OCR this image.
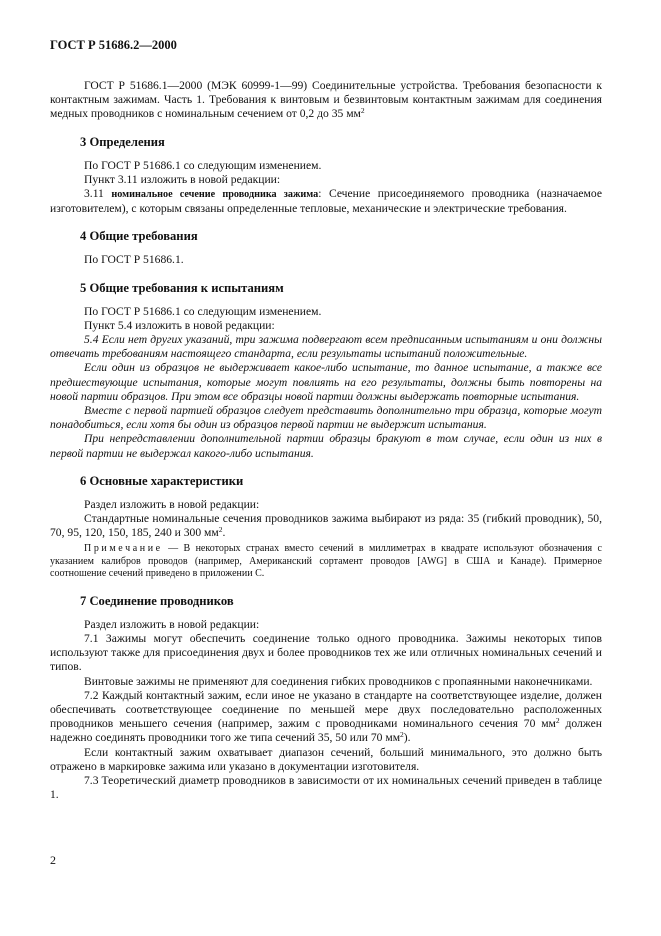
ГОСТ Р 51686.2—2000

ГОСТ Р 51686.1—2000 (МЭК 60999-1—99) Соединительные устройства. Требования безопасности к контактным зажимам. Часть 1. Требования к винтовым и безвинтовым контактным зажимам для соединения медных проводников с номинальным сечением от 0,2 до 35 $мм^2$

3 Определения

По ГОСТ Р 51686.1 со следующим изменением.

Пункт 3.11 изложить в новой редакции:

3.11 номинальное сечение проводника зажима: Сечение присоединяемого проводника (назначаемое изготовителем), с которым связаны определенные тепловые, механические и электрические требования.

4 Общие требования

По ГОСТ Р 51686.1.

5 Общие требования к испытаниям

По ГОСТ Р 51686.1 со следующим изменением.

Пункт 5.4 изложить в новой редакции:

5.4 Если нет других указаний, три зажима подвергают всем предписанным испытаниям и они должны отвечать требованиям настоящего стандарта, если результаты испытаний положительные.

Если один из образцов не выдерживает какое-либо испытание, то данное испытание, а также все предшествующие испытания, которые могут повлиять на его результаты, должны быть повторены на новой партии образцов. При этом все образцы новой партии должны выдержать повторные испытания.

Вместе с первой партией образцов следует представить дополнительно три образца, которые могут понадобиться, если хотя бы один из образцов первой партии не выдержит испытания.

При непредставлении дополнительной партии образцы бракуют в том случае, если один из них в первой партии не выдержал какого-либо испытания.

6 Основные характеристики

Раздел изложить в новой редакции:

Стандартные номинальные сечения проводников зажима выбирают из ряда: 35 (гибкий проводник), 50, 70, 95, 120, 150, 185, 240 и 300 $мм^2$.

Примечание — В некоторых странах вместо сечений в миллиметрах в квадрате используют обозначения с указанием калибров проводов (например, Американский сортамент проводов [AWG] в США и Канаде). Примерное соотношение сечений приведено в приложении С.

7 Соединение проводников

Раздел изложить в новой редакции:

7.1 Зажимы могут обеспечить соединение только одного проводника. Зажимы некоторых типов используют также для присоединения двух и более проводников тех же или отличных номинальных сечений и типов.

Винтовые зажимы не применяют для соединения гибких проводников с пропаянными наконечниками.

7.2 Каждый контактный зажим, если иное не указано в стандарте на соответствующее изделие, должен обеспечивать соответствующее соединение по меньшей мере двух последовательно расположенных проводников меньшего сечения (например, зажим с проводниками номинального сечения 70 $мм^2$ должен надежно соединять проводники того же типа сечений 35, 50 или 70 $мм^2$).

Если контактный зажим охватывает диапазон сечений, больший минимального, это должно быть отражено в маркировке зажима или указано в документации изготовителя.

7.3 Теоретический диаметр проводников в зависимости от их номинальных сечений приведен в таблице 1.

2
